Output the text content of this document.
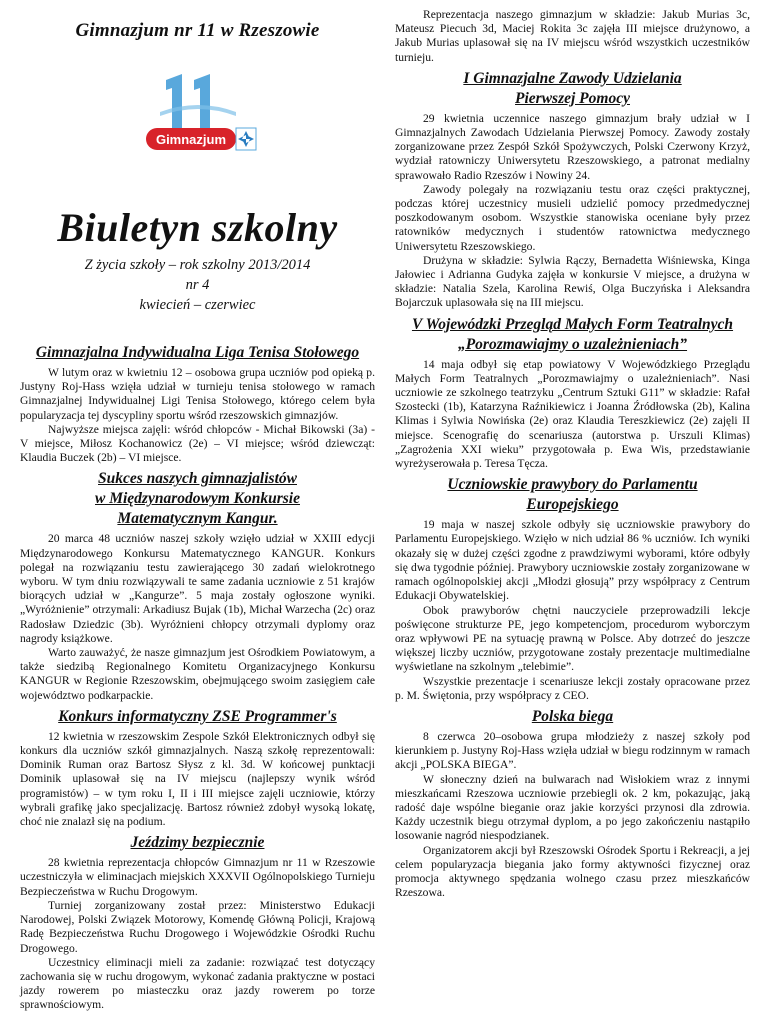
Gimnazjum nr 11 w Rzeszowie
Gimnazjum
Biuletyn szkolny
Z życia szkoły – rok szkolny 2013/2014
nr 4
kwiecień – czerwiec
Gimnazjalna Indywidualna Liga Tenisa Stołowego

W lutym oraz w kwietniu 12 – osobowa grupa uczniów pod opieką p. Justyny Roj-Hass wzięła udział w turnieju tenisa stołowego w ramach Gimnazjalnej Indywidualnej Ligi Tenisa Stołowego, którego celem była popularyzacja tej dyscypliny sportu wśród rzeszowskich gimnazjów.

Najwyższe miejsca zajęli: wśród chłopców - Michał Bikowski (3a) - V miejsce, Miłosz Kochanowicz (2e) – VI miejsce; wśród dziewcząt: Klaudia Buczek (2b) – VI miejsce.

Sukces naszych gimnazjalistów
w Międzynarodowym Konkursie
Matematycznym Kangur.

20 marca 48 uczniów naszej szkoły wzięło udział w XXIII edycji Międzynarodowego Konkursu Matematycznego KANGUR. Konkurs polegał na rozwiązaniu testu zawierającego 30 zadań wielokrotnego wyboru. W tym dniu rozwiązywali te same zadania uczniowie z 51 krajów biorących udział w „Kangurze”. 5 maja zostały ogłoszone wyniki. „Wyróżnienie” otrzymali: Arkadiusz Bujak (1b), Michał Warzecha (2c) oraz Radosław Dziedzic (3b). Wyróżnieni chłopcy otrzymali dyplomy oraz nagrody książkowe.

Warto zauważyć, że nasze gimnazjum jest Ośrodkiem Powiatowym, a także siedzibą Regionalnego Komitetu Organizacyjnego Konkursu KANGUR w Regionie Rzeszowskim, obejmującego swoim zasięgiem całe województwo podkarpackie.

Konkurs informatyczny ZSE Programmer's

12 kwietnia w rzeszowskim Zespole Szkół Elektronicznych odbył się konkurs dla uczniów szkół gimnazjalnych. Naszą szkołę reprezentowali: Dominik Ruman oraz Bartosz Słysz z kl. 3d. W końcowej punktacji Dominik uplasował się na IV miejscu (najlepszy wynik wśród programistów) – w tym roku I, II i III miejsce zajęli uczniowie, którzy wybrali grafikę jako specjalizację. Bartosz również zdobył wysoką lokatę, choć nie znalazł się na podium.

Jeździmy bezpiecznie

28 kwietnia reprezentacja chłopców Gimnazjum nr 11 w Rzeszowie uczestniczyła w eliminacjach miejskich XXXVII Ogólnopolskiego Turnieju Bezpieczeństwa w Ruchu Drogowym.

Turniej zorganizowany został przez: Ministerstwo Edukacji Narodowej, Polski Związek Motorowy, Komendę Główną Policji, Krajową Radę Bezpieczeństwa Ruchu Drogowego i Wojewódzkie Ośrodki Ruchu Drogowego.

Uczestnicy eliminacji mieli za zadanie: rozwiązać test dotyczący zachowania się w ruchu drogowym, wykonać zadania praktyczne w postaci jazdy rowerem po miasteczku oraz jazdy rowerem po torze sprawnościowym.

Reprezentacja naszego gimnazjum w składzie: Jakub Murias 3c, Mateusz Piecuch 3d, Maciej Rokita 3c zajęła III miejsce drużynowo, a Jakub Murias uplasował się na IV miejscu wśród wszystkich uczestników turnieju.

I Gimnazjalne Zawody Udzielania
Pierwszej Pomocy

29 kwietnia uczennice naszego gimnazjum brały udział w I Gimnazjalnych Zawodach Udzielania Pierwszej Pomocy. Zawody zostały zorganizowane przez Zespół Szkół Spożywczych, Polski Czerwony Krzyż, wydział ratowniczy Uniwersytetu Rzeszowskiego, a patronat medialny sprawowało Radio Rzeszów i Nowiny 24.

Zawody polegały na rozwiązaniu testu oraz części praktycznej, podczas której uczestnicy musieli udzielić pomocy przedmedycznej poszkodowanym osobom. Wszystkie stanowiska oceniane były przez ratowników medycznych i studentów ratownictwa medycznego Uniwersytetu Rzeszowskiego.

Drużyna w składzie: Sylwia Rączy, Bernadetta Wiśniewska, Kinga Jałowiec i Adrianna Gudyka zajęła w konkursie V miejsce, a drużyna w składzie: Natalia Szela, Karolina Rewiś, Olga Buczyńska i Aleksandra Bojarczuk uplasowała się na III miejscu.

V Wojewódzki Przegląd Małych Form Teatralnych
„Porozmawiajmy o uzależnieniach”

14 maja odbył się etap powiatowy V Wojewódzkiego Przeglądu Małych Form Teatralnych „Porozmawiajmy o uzależnieniach”. Nasi uczniowie ze szkolnego teatrzyku „Centrum Sztuki G11” w składzie: Rafał Szostecki (1b), Katarzyna Raźnikiewicz i Joanna Źródłowska (2b), Kalina Klimas i Sylwia Nowińska (2e) oraz Klaudia Tereszkiewicz (2e) zajęli II miejsce. Scenografię do scenariusza (autorstwa p. Urszuli Klimas) „Zagrożenia XXI wieku” przygotowała p. Ewa Wis, przedstawianie wyreżyserowała p. Teresa Tęcza.

Uczniowskie prawybory do Parlamentu
Europejskiego

19 maja w naszej szkole odbyły się uczniowskie prawybory do Parlamentu Europejskiego. Wzięło w nich udział 86 % uczniów. Ich wyniki okazały się w dużej części zgodne z prawdziwymi wyborami, które odbyły się dwa tygodnie później. Prawybory uczniowskie zostały zorganizowane w ramach ogólnopolskiej akcji „Młodzi głosują” przy współpracy z Centrum Edukacji Obywatelskiej.

Obok prawyborów chętni nauczyciele przeprowadzili lekcje poświęcone strukturze PE, jego kompetencjom, procedurom wyborczym oraz wpływowi PE na sytuację prawną w Polsce. Aby dotrzeć do jeszcze większej liczby uczniów, przygotowane zostały prezentacje multimedialne wyświetlane na szkolnym „telebimie”.

Wszystkie prezentacje i scenariusze lekcji zostały opracowane przez p. M. Świętonia, przy współpracy z CEO.

Polska biega

8 czerwca 20–osobowa grupa młodzieży z naszej szkoły pod kierunkiem p. Justyny Roj-Hass wzięła udział w biegu rodzinnym w ramach akcji „POLSKA BIEGA”.

W słoneczny dzień na bulwarach nad Wisłokiem wraz z innymi mieszkańcami Rzeszowa uczniowie przebiegli ok. 2 km, pokazując, jaką radość daje wspólne bieganie oraz jakie korzyści przynosi dla zdrowia. Każdy uczestnik biegu otrzymał dyplom, a po jego zakończeniu nastąpiło losowanie nagród niespodzianek.

Organizatorem akcji był Rzeszowski Ośrodek Sportu i Rekreacji, a jej celem popularyzacja biegania jako formy aktywności fizycznej oraz promocja aktywnego spędzania wolnego czasu przez mieszkańców Rzeszowa.
